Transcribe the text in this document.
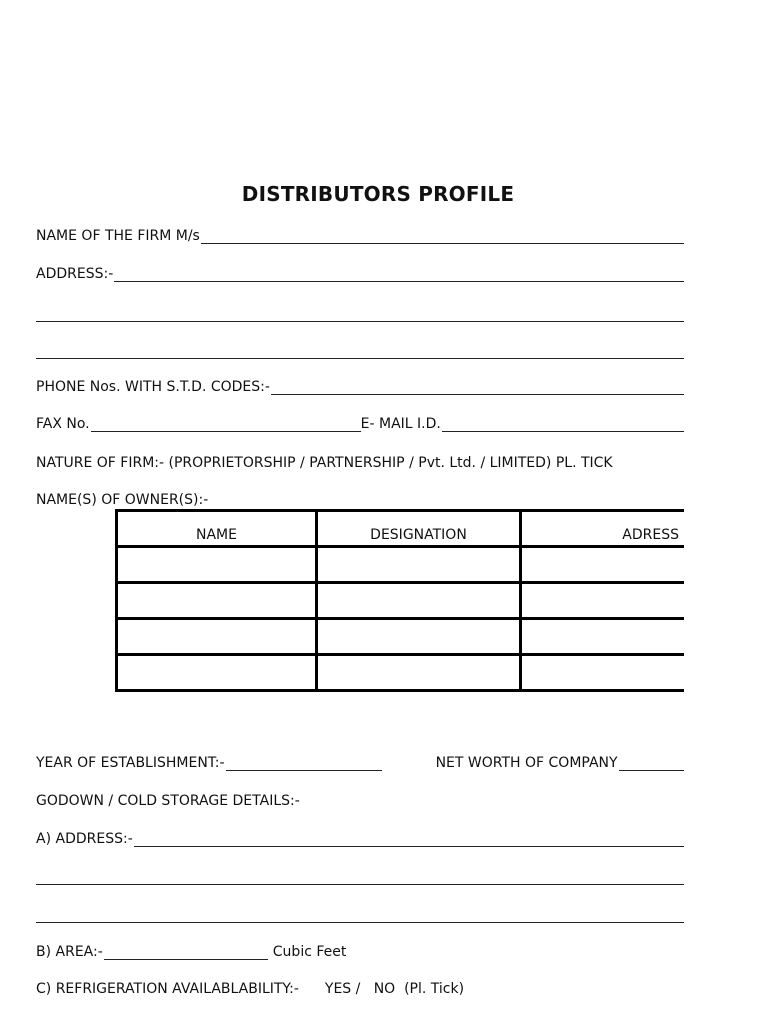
DISTRIBUTORS PROFILE
NAME OF THE FIRM M/s
ADDRESS:-
PHONE Nos. WITH S.T.D. CODES:-
FAX No.	E- MAIL I.D.
NATURE OF FIRM:- (PROPRIETORSHIP / PARTNERSHIP / Pvt. Ltd. / LIMITED) PL. TICK
NAME(S) OF OWNER(S):-
NAME	DESIGNATION	ADRESS

YEAR OF ESTABLISHMENT:-	NET WORTH OF COMPANY
GODOWN / COLD STORAGE DETAILS:-
A) ADDRESS:-
B) AREA:-	Cubic Feet
C) REFRIGERATION AVAILABLABILITY:-	YES /   NO  (Pl. Tick)
